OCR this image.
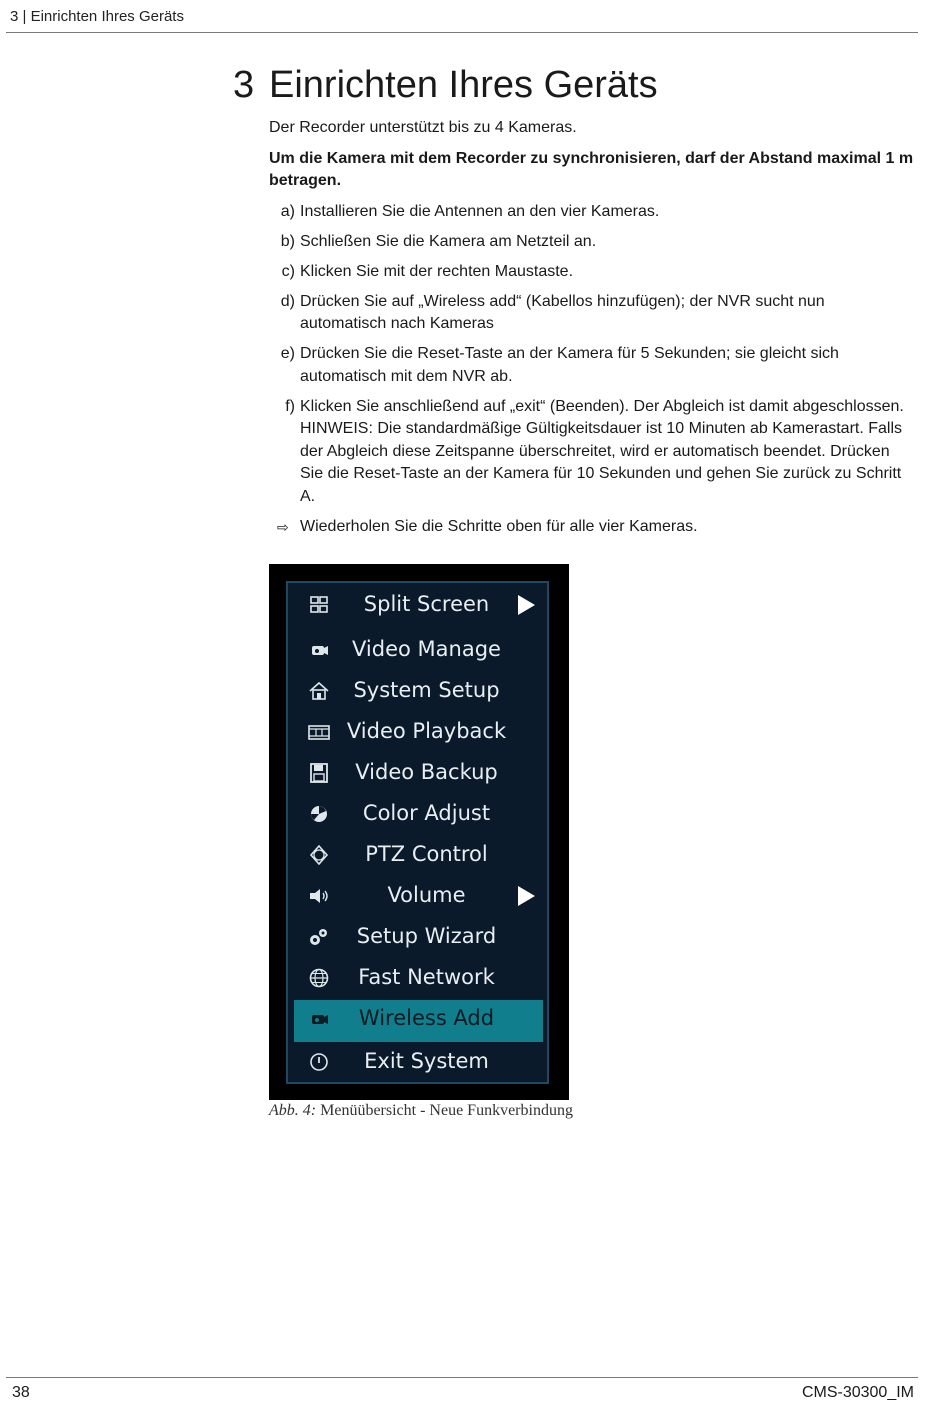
3 | Einrichten Ihres Geräts
3 Einrichten Ihres Geräts

Der Recorder unterstützt bis zu 4 Kameras.

Um die Kamera mit dem Recorder zu synchronisieren, darf der Abstand maximal 1 m betragen.

a) Installieren Sie die Antennen an den vier Kameras.
b) Schließen Sie die Kamera am Netzteil an.
c) Klicken Sie mit der rechten Maustaste.
d) Drücken Sie auf „Wireless add“ (Kabellos hinzufügen); der NVR sucht nun automatisch nach Kameras
e) Drücken Sie die Reset-Taste an der Kamera für 5 Sekunden; sie gleicht sich automatisch mit dem NVR ab.
f) Klicken Sie anschließend auf „exit“ (Beenden). Der Abgleich ist damit abgeschlossen.
HINWEIS: Die standardmäßige Gültigkeitsdauer ist 10 Minuten ab Kamerastart. Falls der Abgleich diese Zeitspanne überschreitet, wird er automatisch beendet. Drücken Sie die Reset-Taste an der Kamera für 10 Sekunden und gehen Sie zurück zu Schritt A.
⇨ Wiederholen Sie die Schritte oben für alle vier Kameras.
Split Screen
Video Manage
System Setup
Video Playback
Video Backup
Color Adjust
PTZ Control
Volume
Setup Wizard
Fast Network
Wireless Add
Exit System
Abb. 4: Menüübersicht - Neue Funkverbindung
38	CMS-30300_IM
